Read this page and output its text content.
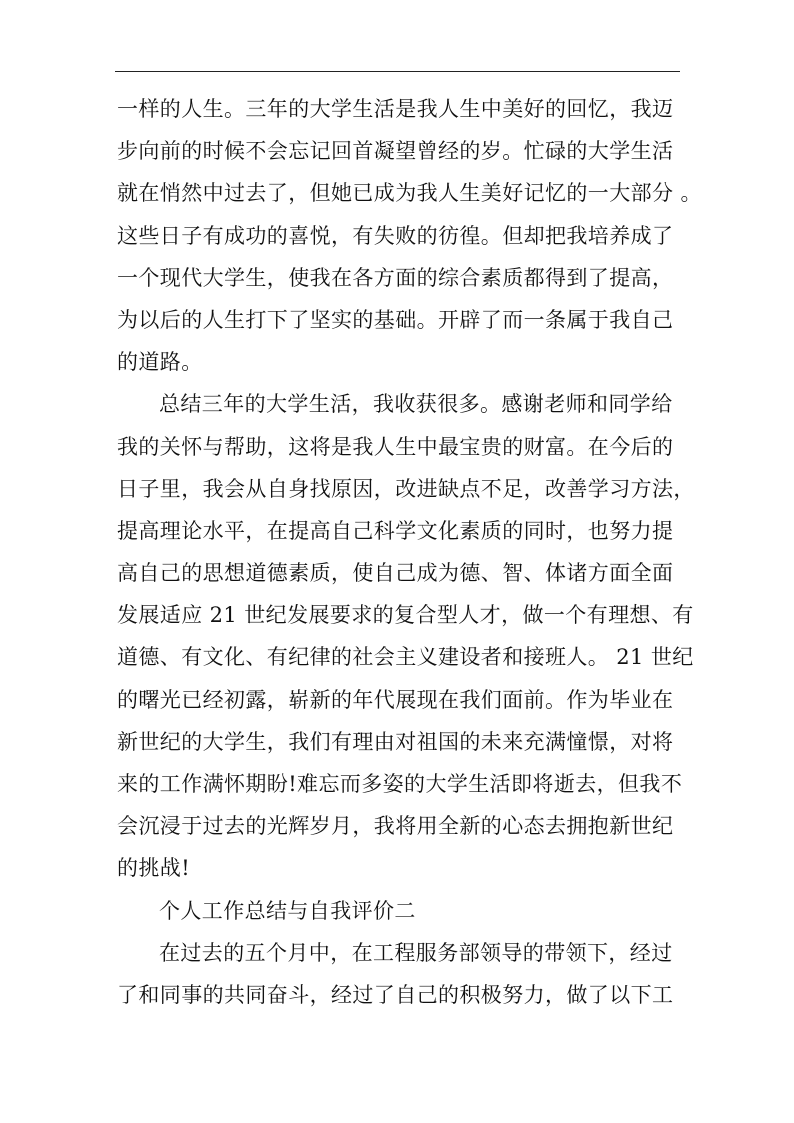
一样的人生。三年的大学生活是我人生中美好的回忆，我迈
步向前的时候不会忘记回首凝望曾经的岁。忙碌的大学生活
就在悄然中过去了，但她已成为我人生美好记忆的一大部分 。
这些日子有成功的喜悦，有失败的彷徨。但却把我培养成了
一个现代大学生，使我在各方面的综合素质都得到了提高，
为以后的人生打下了坚实的基础。开辟了而一条属于我自己
的道路。
总结三年的大学生活，我收获很多。感谢老师和同学给
我的关怀与帮助，这将是我人生中最宝贵的财富。在今后的
日子里，我会从自身找原因，改进缺点不足，改善学习方法，
提高理论水平，在提高自己科学文化素质的同时，也努力提
高自己的思想道德素质，使自己成为德、智、体诸方面全面
发展适应 21 世纪发展要求的复合型人才，做一个有理想、有
道德、有文化、有纪律的社会主义建设者和接班人。 21 世纪
的曙光已经初露，崭新的年代展现在我们面前。作为毕业在
新世纪的大学生，我们有理由对祖国的未来充满憧憬，对将
来的工作满怀期盼!难忘而多姿的大学生活即将逝去，但我不
会沉浸于过去的光辉岁月，我将用全新的心态去拥抱新世纪
的挑战!
个人工作总结与自我评价二
在过去的五个月中，在工程服务部领导的带领下，经过
了和同事的共同奋斗，经过了自己的积极努力，做了以下工
